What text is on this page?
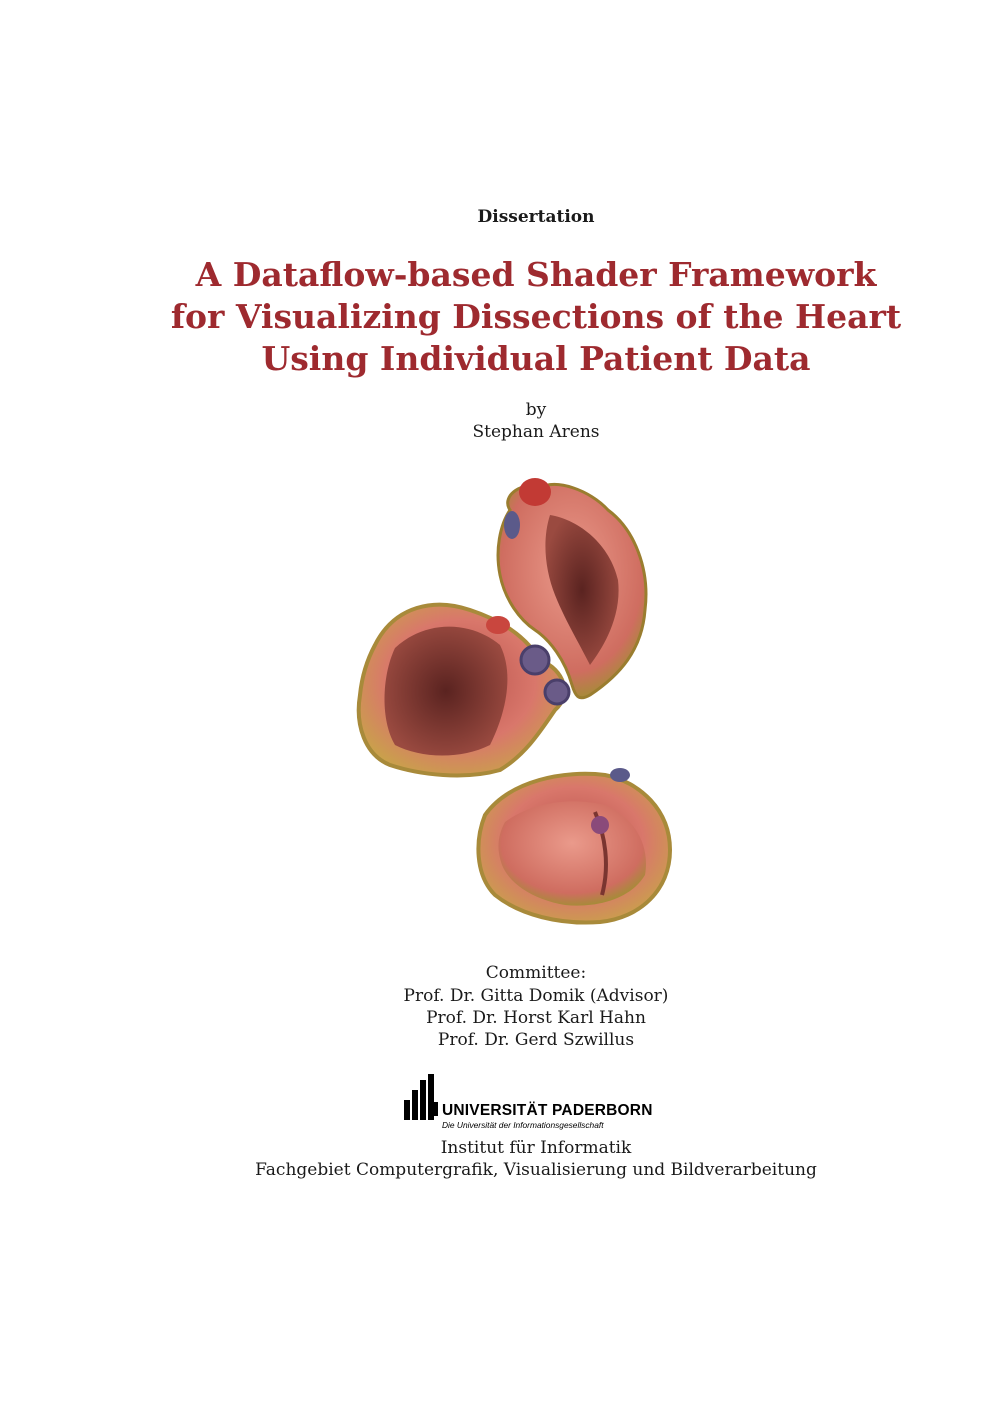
Dissertation
A Dataflow-based Shader Framework
for Visualizing Dissections of the Heart
Using Individual Patient Data
by
Stephan Arens
Committee:
Prof. Dr. Gitta Domik (Advisor)
Prof. Dr. Horst Karl Hahn
Prof. Dr. Gerd Szwillus
UNIVERSITÄT PADERBORN
Die Universität der Informationsgesellschaft
Institut für Informatik
Fachgebiet Computergrafik, Visualisierung und Bildverarbeitung
